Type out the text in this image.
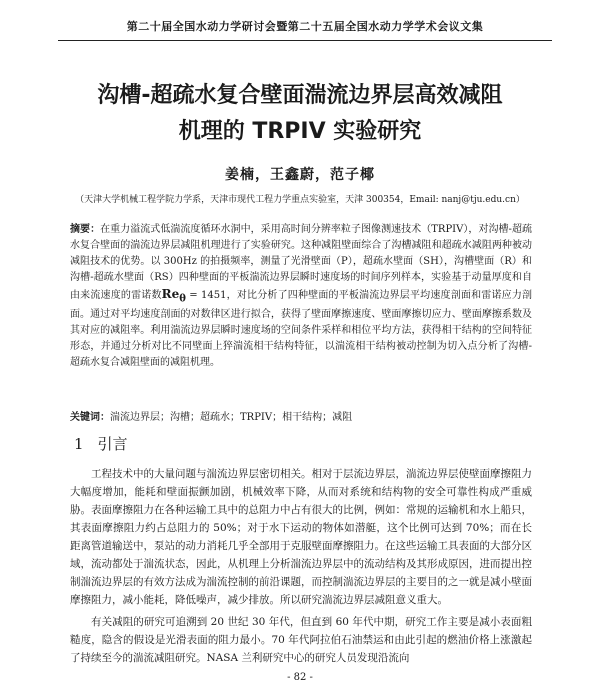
第二十届全国水动力学研讨会暨第二十五届全国水动力学学术会议文集
沟槽-超疏水复合壁面湍流边界层高效减阻
机理的 TRPIV 实验研究
姜楠，王鑫蔚，范子椰
（天津大学机械工程学院力学系，天津市现代工程力学重点实验室，天津 300354，Email: nanj@tju.edu.cn）

摘要：在重力溢流式低湍流度循环水洞中，采用高时间分辨率粒子图像测速技术（TRPIV），对沟槽-超疏水复合壁面的湍流边界层减阻机理进行了实验研究。这种减阻壁面综合了沟槽减阻和超疏水减阻两种被动减阻技术的优势。以 300Hz 的拍摄频率，测量了光滑壁面（P），超疏水壁面（SH），沟槽壁面（R）和沟槽-超疏水壁面（RS）四种壁面的平板湍流边界层瞬时速度场的时间序列样本，实验基于动量厚度和自由来流速度的雷诺数$Re_\theta = 1451$，对比分析了四种壁面的平板湍流边界层平均速度剖面和雷诺应力剖面。通过对平均速度剖面的对数律区进行拟合，获得了壁面摩擦速度、壁面摩擦切应力、壁面摩擦系数及其对应的减阻率。利用湍流边界层瞬时速度场的空间条件采样和相位平均方法，获得相干结构的空间特征形态，并通过分析对比不同壁面上猝湍流相干结构特征，以湍流相干结构被动控制为切入点分析了沟槽-超疏水复合减阻壁面的减阻机理。

关键词：湍流边界层；沟槽；超疏水；TRPIV；相干结构；减阻

1 引言

工程技术中的大量问题与湍流边界层密切相关。相对于层流边界层，湍流边界层使壁面摩擦阻力大幅度增加，能耗和壁面振颤加剧，机械效率下降，从而对系统和结构物的安全可靠性构成严重威胁。表面摩擦阻力在各种运输工具中的总阻力中占有很大的比例，例如：常规的运输机和水上船只，其表面摩擦阻力约占总阻力的 50%；对于水下运动的物体如潜艇，这个比例可达到 70%；而在长距离管道输送中，泵站的动力消耗几乎全部用于克服壁面摩擦阻力。在这些运输工具表面的大部分区域，流动都处于湍流状态，因此，从机理上分析湍流边界层中的流动结构及其形成原因，进而提出控制湍流边界层的有效方法成为湍流控制的前沿课题，而控制湍流边界层的主要目的之一就是减小壁面摩擦阻力，减小能耗，降低噪声，减少排放。所以研究湍流边界层减阻意义重大。

有关减阻的研究可追溯到 20 世纪 30 年代，但直到 60 年代中期，研究工作主要是减小表面粗糙度，隐含的假设是光滑表面的阻力最小。70 年代阿拉伯石油禁运和由此引起的燃油价格上涨激起了持续至今的湍流减阻研究。NASA 兰利研究中心的研究人员发现沿流向

- 82 -
